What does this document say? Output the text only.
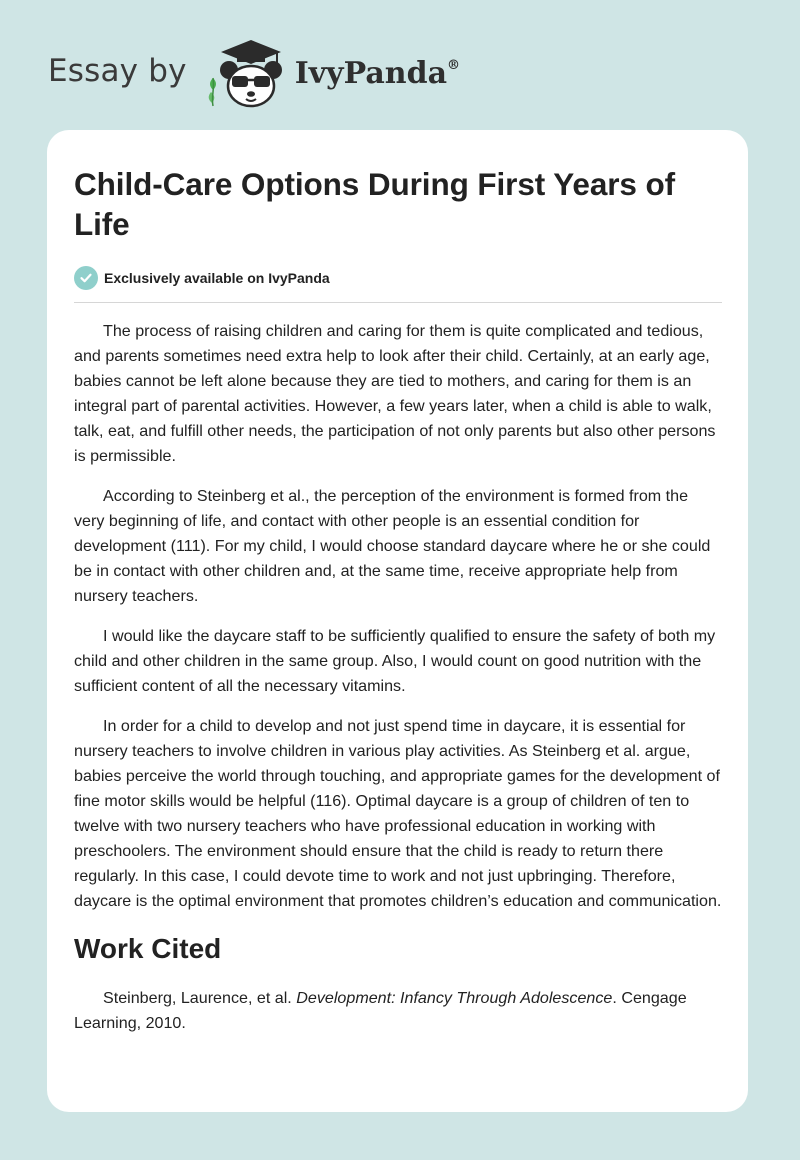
Essay by	IvyPanda®
Child-Care Options During First Years of Life
Exclusively available on IvyPanda

The process of raising children and caring for them is quite complicated and tedious, and parents sometimes need extra help to look after their child. Certainly, at an early age, babies cannot be left alone because they are tied to mothers, and caring for them is an integral part of parental activities. However, a few years later, when a child is able to walk, talk, eat, and fulfill other needs, the participation of not only parents but also other persons is permissible.

According to Steinberg et al., the perception of the environment is formed from the very beginning of life, and contact with other people is an essential condition for development (111). For my child, I would choose standard daycare where he or she could be in contact with other children and, at the same time, receive appropriate help from nursery teachers.

I would like the daycare staff to be sufficiently qualified to ensure the safety of both my child and other children in the same group. Also, I would count on good nutrition with the sufficient content of all the necessary vitamins.

In order for a child to develop and not just spend time in daycare, it is essential for nursery teachers to involve children in various play activities. As Steinberg et al. argue, babies perceive the world through touching, and appropriate games for the development of fine motor skills would be helpful (116). Optimal daycare is a group of children of ten to twelve with two nursery teachers who have professional education in working with preschoolers. The environment should ensure that the child is ready to return there regularly. In this case, I could devote time to work and not just upbringing. Therefore, daycare is the optimal environment that promotes children’s education and communication.

Work Cited

Steinberg, Laurence, et al. Development: Infancy Through Adolescence. Cengage Learning, 2010.
